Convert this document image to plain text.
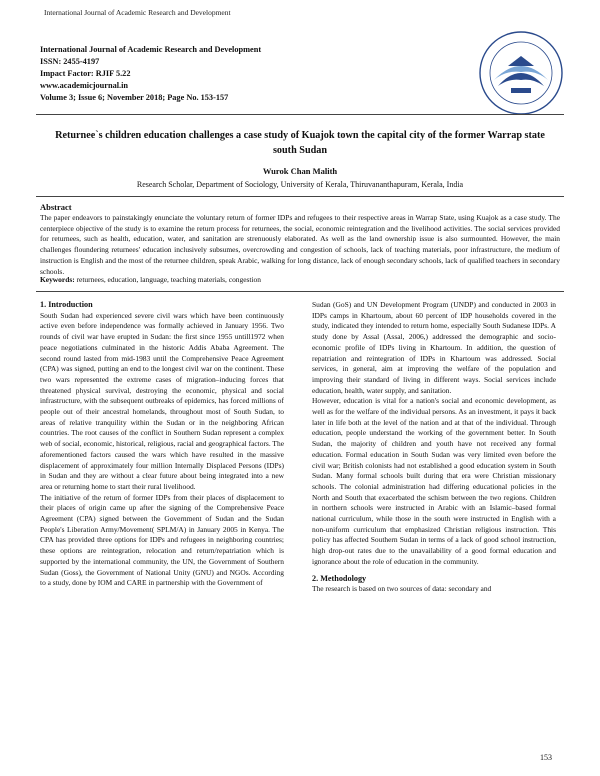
International Journal of Academic Research and Development
International Journal of Academic Research and Development
ISSN: 2455-4197
Impact Factor: RJIF 5.22
www.academicjournal.in
Volume 3; Issue 6; November 2018; Page No. 153-157
Returnee`s children education challenges a case study of Kuajok town the capital city of the former Warrap state south Sudan
Wurok Chan Malith
Research Scholar, Department of Sociology, University of Kerala, Thiruvananthapuram, Kerala, India
Abstract
The paper endeavors to painstakingly enunciate the voluntary return of former IDPs and refugees to their respective areas in Warrap State, using Kuajok as a case study. The centerpiece objective of the study is to examine the return process for returnees, the social, economic reintegration and the livelihood activities. The social services provided for returnees, such as health, education, water, and sanitation are strenuously elaborated. As well as the land ownership issue is also surmounted. However, the main challenges floundering returnees' education inclusively subsumes, overcrowding and congestion of schools, lack of teaching materials, poor infrastructure, the medium of instruction is English and the most of the returnee children, speak Arabic, walking for long distance, lack of enough secondary schools, lack of qualified teachers in secondary schools.
Keywords: returnees, education, language, teaching materials, congestion

1. Introduction

South Sudan had experienced severe civil wars which have been continuously active even before independence was formally achieved in January 1956. Two rounds of civil war have erupted in Sudan: the first since 1955 untill1972 when peace negotiations culminated in the historic Addis Ababa Agreement. The second round lasted from mid-1983 until the Comprehensive Peace Agreement (CPA) was signed, putting an end to the longest civil war on the continent. These two wars represented the extreme cases of migration–inducing forces that threatened physical survival, destroying the economic, physical and social infrastructure, with the subsequent outbreaks of epidemics, has forced millions of people out of their ancestral homelands, throughout most of South Sudan, to areas of relative tranquility within the Sudan or in the neighboring African countries. The root causes of the conflict in Southern Sudan represent a complex web of social, economic, historical, religious, racial and geographical factors. The aforementioned factors caused the wars which have resulted in the massive displacement of approximately four million Internally Displaced Persons (IDPs) in Sudan and they are without a clear future about being integrated into a new area or returning home to start their rural livelihood.

The initiative of the return of former IDPs from their places of displacement to their places of origin came up after the signing of the Comprehensive Peace Agreement (CPA) signed between the Government of Sudan and the Sudan People's Liberation Army/Movement( SPLM/A) in January 2005 in Kenya. The CPA has provided three options for IDPs and refugees in neighboring countries; these options are reintegration, relocation and return/repatriation which is supported by the international community, the UN, the Government of Southern Sudan (Goss), the Government of National Unity (GNU) and NGOs. According to a study, done by IOM and CARE in partnership with the Government of

Sudan (GoS) and UN Development Program (UNDP) and conducted in 2003 in IDPs camps in Khartoum, about 60 percent of IDP households covered in the study, indicated they intended to return home, especially South Sudanese IDPs. A study done by Assal (Assal, 2006,) addressed the demographic and socio-economic profile of IDPs living in Khartoum. In addition, the question of repatriation and reintegration of IDPs in Khartoum was addressed. Social services, in general, aim at improving the welfare of the population and improving their standard of living in different ways. Social services include education, health, water supply, and sanitation.

However, education is vital for a nation's social and economic development, as well as for the welfare of the individual persons. As an investment, it pays it back later in life both at the level of the nation and at that of the individual. Through education, people understand the working of the government better. In South Sudan, the majority of children and youth have not received any formal education. Formal education in South Sudan was very limited even before the civil war; British colonists had not established a good education system in South Sudan. Many formal schools built during that era were Christian missionary schools. The colonial administration had differing educational policies in the North and South that exacerbated the schism between the two regions. Children in northern schools were instructed in Arabic with an Islamic–based formal national curriculum, while those in the south were instructed in English with a non-uniform curriculum that emphasized Christian religious instruction. This policy has affected Southern Sudan in terms of a lack of good school instruction, high drop-out rates due to the unavailability of a good formal education and ignorance about the role of education in the community.

2. Methodology

The research is based on two sources of data: secondary and

153
